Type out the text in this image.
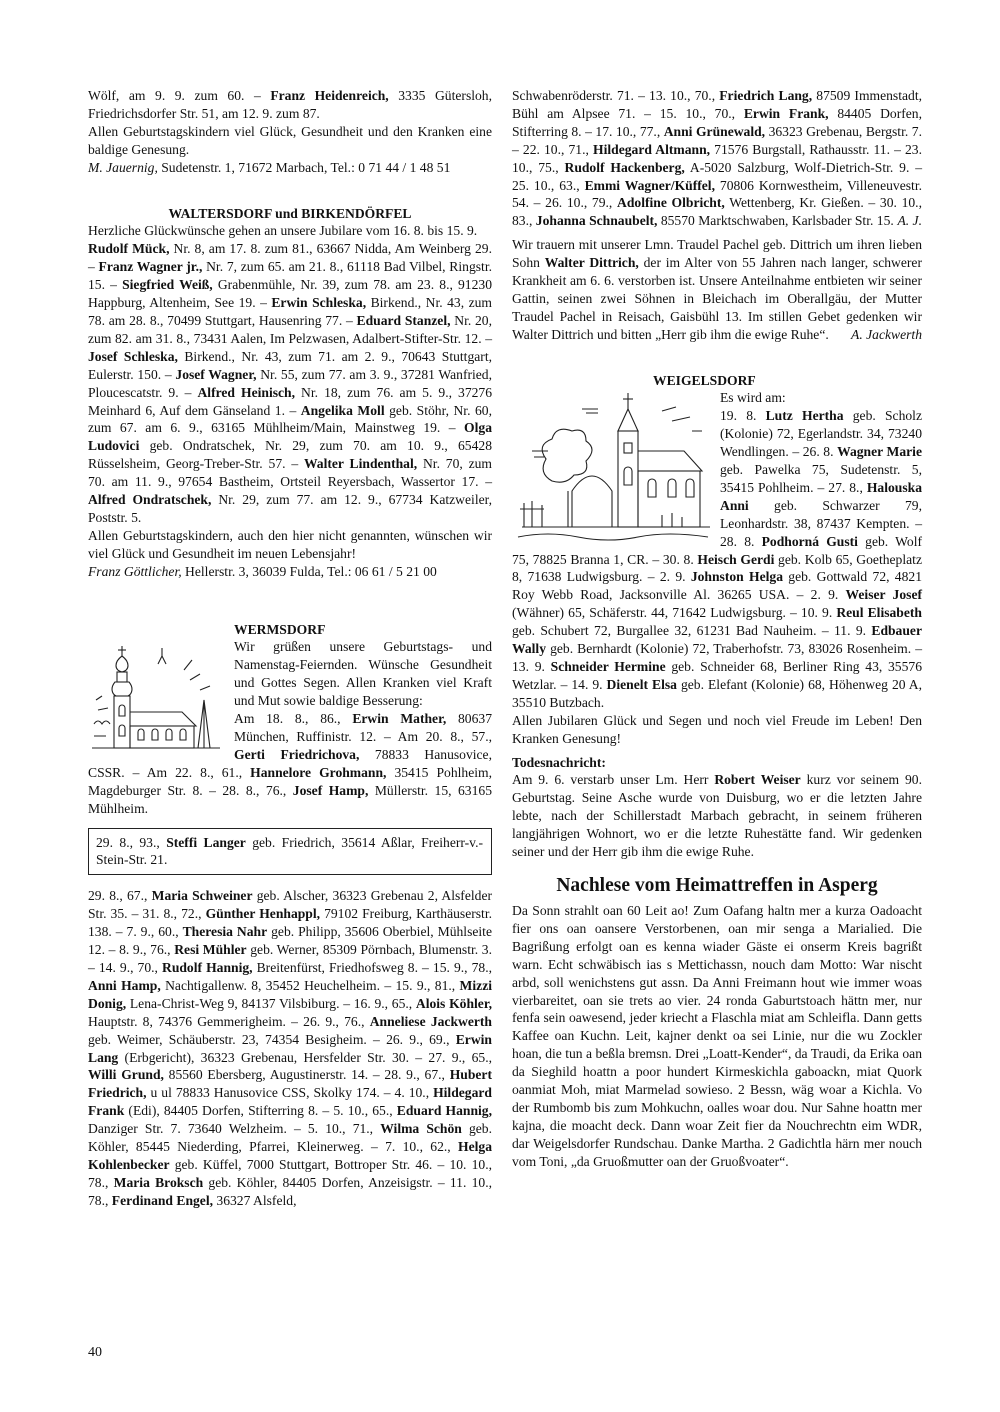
Wölf, am 9. 9. zum 60. – Franz Heidenreich, 3335 Gütersloh, Friedrichsdorfer Str. 51, am 12. 9. zum 87.

Allen Geburtstagskindern viel Glück, Gesundheit und den Kranken eine baldige Genesung.

M. Jauernig, Sudetenstr. 1, 71672 Marbach, Tel.: 0 71 44 / 1 48 51

WALTERSDORF und BIRKENDÖRFEL

Herzliche Glückwünsche gehen an unsere Jubilare vom 16. 8. bis 15. 9.

Rudolf Mück, Nr. 8, am 17. 8. zum 81., 63667 Nidda, Am Weinberg 29. – Franz Wagner jr., Nr. 7, zum 65. am 21. 8., 61118 Bad Vilbel, Ringstr. 15. – Siegfried Weiß, Grabenmühle, Nr. 39, zum 78. am 23. 8., 91230 Happburg, Altenheim, See 19. – Erwin Schleska, Birkend., Nr. 43, zum 78. am 28. 8., 70499 Stuttgart, Hausenring 77. – Eduard Stanzel, Nr. 20, zum 82. am 31. 8., 73431 Aalen, Im Pelzwasen, Adalbert-Stifter-Str. 12. – Josef Schleska, Birkend., Nr. 43, zum 71. am 2. 9., 70643 Stuttgart, Eulerstr. 150. – Josef Wagner, Nr. 55, zum 77. am 3. 9., 37281 Wanfried, Ploucescatstr. 9. – Alfred Heinisch, Nr. 18, zum 76. am 5. 9., 37276 Meinhard 6, Auf dem Gänseland 1. – Angelika Moll geb. Stöhr, Nr. 60, zum 67. am 6. 9., 63165 Mühlheim/Main, Mainstweg 19. – Olga Ludovici geb. Ondratschek, Nr. 29, zum 70. am 10. 9., 65428 Rüsselsheim, Georg-Treber-Str. 57. – Walter Lindenthal, Nr. 70, zum 70. am 11. 9., 97654 Bastheim, Ortsteil Reyersbach, Wassertor 17. – Alfred Ondratschek, Nr. 29, zum 77. am 12. 9., 67734 Katzweiler, Poststr. 5.

Allen Geburtstagskindern, auch den hier nicht genannten, wünschen wir viel Glück und Gesundheit im neuen Lebensjahr!

Franz Göttlicher, Hellerstr. 3, 36039 Fulda, Tel.: 06 61 / 5 21 00

WERMSDORF

Wir grüßen unsere Geburtstags- und Namenstag-Feiernden. Wünsche Gesundheit und Gottes Segen. Allen Kranken viel Kraft und Mut sowie baldige Besserung:

Am 18. 8., 86., Erwin Mather, 80637 München, Ruffinistr. 12. – Am 20. 8., 57., Gerti Friedrichova, 78833 Hanusovice, CSSR. – Am 22. 8., 61., Hannelore Grohmann, 35415 Pohlheim, Magdeburger Str. 8. – 28. 8., 76., Josef Hamp, Müllerstr. 15, 63165 Mühlheim.

29. 8., 93., Steffi Langer geb. Friedrich, 35614 Aßlar, Freiherr-v.-Stein-Str. 21.

29. 8., 67., Maria Schweiner geb. Alscher, 36323 Grebenau 2, Alsfelder Str. 35. – 31. 8., 72., Günther Henhappl, 79102 Freiburg, Karthäuserstr. 138. – 7. 9., 60., Theresia Nahr geb. Philipp, 35606 Oberbiel, Mühlseite 12. – 8. 9., 76., Resi Mühler geb. Werner, 85309 Pörnbach, Blumenstr. 3. – 14. 9., 70., Rudolf Hannig, Breitenfürst, Friedhofsweg 8. – 15. 9., 78., Anni Hamp, Nachtigallenw. 8, 35452 Heuchelheim. – 15. 9., 81., Mizzi Donig, Lena-Christ-Weg 9, 84137 Vilsbiburg. – 16. 9., 65., Alois Köhler, Hauptstr. 8, 74376 Gemmerigheim. – 26. 9., 76., Anneliese Jackwerth geb. Weimer, Schäuberstr. 23, 74354 Besigheim. – 26. 9., 69., Erwin Lang (Erbgericht), 36323 Grebenau, Hersfelder Str. 30. – 27. 9., 65., Willi Grund, 85560 Ebersberg, Augustinerstr. 14. – 28. 9., 67., Hubert Friedrich, u ul 78833 Hanusovice CSS, Skolky 174. – 4. 10., Hildegard Frank (Edi), 84405 Dorfen, Stifterring 8. – 5. 10., 65., Eduard Hannig, Danziger Str. 7. 73640 Welzheim. – 5. 10., 71., Wilma Schön geb. Köhler, 85445 Niederding, Pfarrei, Kleinerweg. – 7. 10., 62., Helga Kohlenbecker geb. Küffel, 7000 Stuttgart, Bottroper Str. 46. – 10. 10., 78., Maria Broksch geb. Köhler, 84405 Dorfen, Anzeisigstr. – 11. 10., 78., Ferdinand Engel, 36327 Alsfeld,

Schwabenröderstr. 71. – 13. 10., 70., Friedrich Lang, 87509 Immenstadt, Bühl am Alpsee 71. – 15. 10., 70., Erwin Frank, 84405 Dorfen, Stifterring 8. – 17. 10., 77., Anni Grünewald, 36323 Grebenau, Bergstr. 7. – 22. 10., 71., Hildegard Altmann, 71576 Burgstall, Rathausstr. 11. – 23. 10., 75., Rudolf Hackenberg, A-5020 Salzburg, Wolf-Dietrich-Str. 9. – 25. 10., 63., Emmi Wagner/Küffel, 70806 Kornwestheim, Villeneuvestr. 54. – 26. 10., 79., Adolfine Olbricht, Wettenberg, Kr. Gießen. – 30. 10., 83., Johanna Schnaubelt, 85570 Marktschwaben, Karlsbader Str. 15. A. J.

Wir trauern mit unserer Lmn. Traudel Pachel geb. Dittrich um ihren lieben Sohn Walter Dittrich, der im Alter von 55 Jahren nach langer, schwerer Krankheit am 6. 6. verstorben ist. Unsere Anteilnahme entbieten wir seiner Gattin, seinen zwei Söhnen in Bleichach im Oberallgäu, der Mutter Traudel Pachel in Reisach, Gaisbühl 13. Im stillen Gebet gedenken wir Walter Dittrich und bitten „Herr gib ihm die ewige Ruhe“.	A. Jackwerth
WEIGELSDORF

Es wird am:

19. 8. Lutz Hertha geb. Scholz (Kolonie) 72, Egerlandstr. 34, 73240 Wendlingen. – 26. 8. Wagner Marie geb. Pawelka 75, Sudetenstr. 5, 35415 Pohlheim. – 27. 8., Halouska Anni geb. Schwarzer 79, Leonhardstr. 38, 87437 Kempten. – 28. 8. Podhorná Gusti geb. Wolf 75, 78825 Branna 1, CR. – 30. 8. Heisch Gerdi geb. Kolb 65, Goetheplatz 8, 71638 Ludwigsburg. – 2. 9. Johnston Helga geb. Gottwald 72, 4821 Roy Webb Road, Jacksonville Al. 36265 USA. – 2. 9. Weiser Josef (Wähner) 65, Schäferstr. 44, 71642 Ludwigsburg. – 10. 9. Reul Elisabeth geb. Schubert 72, Burgallee 32, 61231 Bad Nauheim. – 11. 9. Edbauer Wally geb. Bernhardt (Kolonie) 72, Traberhofstr. 73, 83026 Rosenheim. – 13. 9. Schneider Hermine geb. Schneider 68, Berliner Ring 43, 35576 Wetzlar. – 14. 9. Dienelt Elsa geb. Elefant (Kolonie) 68, Höhenweg 20 A, 35510 Butzbach.

Allen Jubilaren Glück und Segen und noch viel Freude im Leben! Den Kranken Genesung!

Todesnachricht:

Am 9. 6. verstarb unser Lm. Herr Robert Weiser kurz vor seinem 90. Geburtstag. Seine Asche wurde von Duisburg, wo er die letzten Jahre lebte, nach der Schillerstadt Marbach gebracht, in seinem früheren langjährigen Wohnort, wo er die letzte Ruhestätte fand. Wir gedenken seiner und der Herr gib ihm die ewige Ruhe.

Nachlese vom Heimattreffen in Asperg

Da Sonn strahlt oan 60 Leit ao! Zum Oafang haltn mer a kurza Oadoacht fier ons oan oansere Verstorbenen, oan mir senga a Marialied. Die Bagrißung erfolgt oan es kenna wiader Gäste ei onserm Kreis bagrißt warn. Echt schwäbisch ias s Mettichassn, nouch dam Motto: War nischt arbd, soll wenichstens gut assn. Da Anni Freimann hout wie immer woas vierbareitet, oan sie trets ao vier. 24 ronda Gaburtstoach hättn mer, nur fenfa sein oawesend, jeder kriecht a Flaschla miat am Schleifla. Dann getts Kaffee oan Kuchn. Leit, kajner denkt oa sei Linie, nur die wu Zockler hoan, die tun a beßla bremsn. Drei „Loatt-Kender“, da Traudi, da Erika oan da Sieghild hoattn a poor hundert Kirmeskichla gaboackn, miat Quork oanmiat Moh, miat Marmelad sowieso. 2 Bessn, wäg woar a Kichla. Vo der Rumbomb bis zum Mohkuchn, oalles woar dou. Nur Sahne hoattn mer kajna, die moacht deck. Dann woar Zeit fier da Nouchrechtn eim WDR, dar Weigelsdorfer Rundschau. Danke Martha. 2 Gadichtla härn mer nouch vom Toni, „da Gruoßmutter oan der Gruoßvoater“.

40
